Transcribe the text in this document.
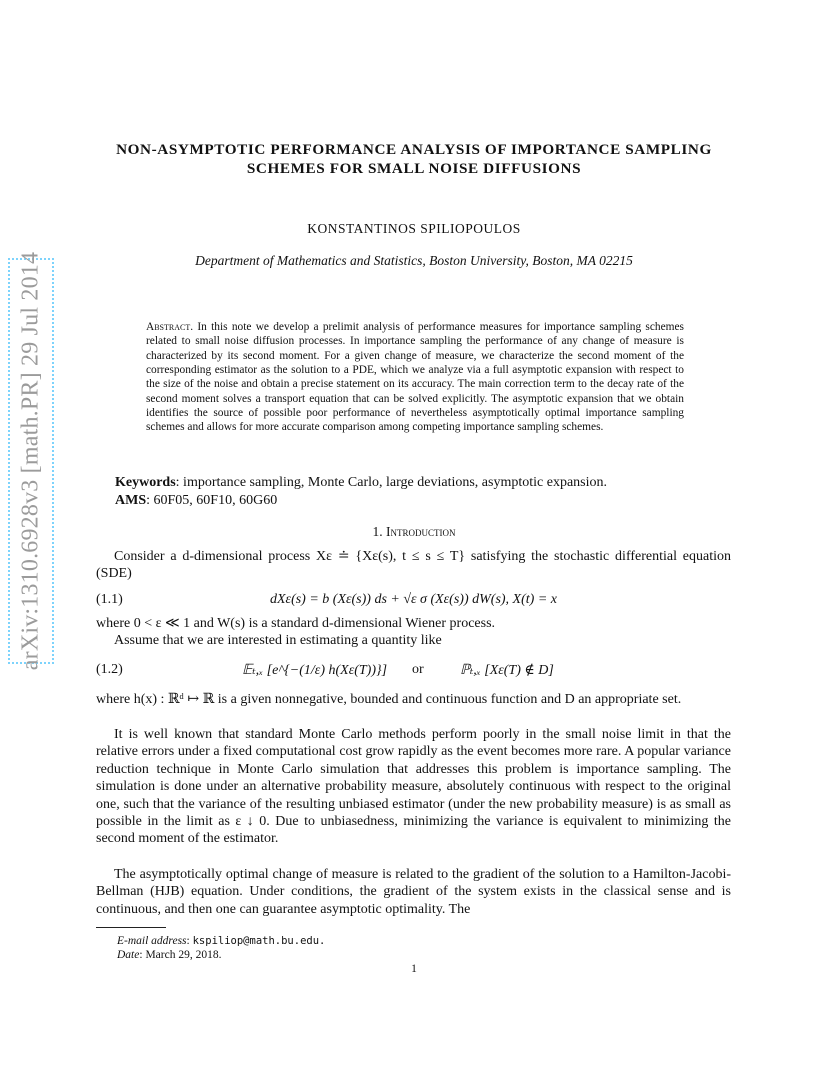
arXiv:1310.6928v3 [math.PR] 29 Jul 2014
NON-ASYMPTOTIC PERFORMANCE ANALYSIS OF IMPORTANCE SAMPLING SCHEMES FOR SMALL NOISE DIFFUSIONS
KONSTANTINOS SPILIOPOULOS
Department of Mathematics and Statistics, Boston University, Boston, MA 02215
Abstract. In this note we develop a prelimit analysis of performance measures for importance sampling schemes related to small noise diffusion processes. In importance sampling the performance of any change of measure is characterized by its second moment. For a given change of measure, we characterize the second moment of the corresponding estimator as the solution to a PDE, which we analyze via a full asymptotic expansion with respect to the size of the noise and obtain a precise statement on its accuracy. The main correction term to the decay rate of the second moment solves a transport equation that can be solved explicitly. The asymptotic expansion that we obtain identifies the source of possible poor performance of nevertheless asymptotically optimal importance sampling schemes and allows for more accurate comparison among competing importance sampling schemes.
Keywords: importance sampling, Monte Carlo, large deviations, asymptotic expansion.
AMS: 60F05, 60F10, 60G60
1. Introduction
Consider a d-dimensional process Xε ≐ {Xε(s), t ≤ s ≤ T} satisfying the stochastic differential equation (SDE)
(1.1)	dXε(s) = b (Xε(s)) ds + √ε σ (Xε(s)) dW(s), X(t) = x
where 0 < ε ≪ 1 and W(s) is a standard d-dimensional Wiener process.
Assume that we are interested in estimating a quantity like
(1.2)	𝔼ₜ,ₓ [e^{−(1/ε) h(Xε(T))}] or	ℙₜ,ₓ [Xε(T) ∉ D]
where h(x) : ℝᵈ ↦ ℝ is a given nonnegative, bounded and continuous function and D an appropriate set.
It is well known that standard Monte Carlo methods perform poorly in the small noise limit in that the relative errors under a fixed computational cost grow rapidly as the event becomes more rare. A popular variance reduction technique in Monte Carlo simulation that addresses this problem is importance sampling. The simulation is done under an alternative probability measure, absolutely continuous with respect to the original one, such that the variance of the resulting unbiased estimator (under the new probability measure) is as small as possible in the limit as ε ↓ 0. Due to unbiasedness, minimizing the variance is equivalent to minimizing the second moment of the estimator.
The asymptotically optimal change of measure is related to the gradient of the solution to a Hamilton-Jacobi-Bellman (HJB) equation. Under conditions, the gradient of the system exists in the classical sense and is continuous, and then one can guarantee asymptotic optimality. The
E-mail address: kspiliop@math.bu.edu.
Date: March 29, 2018.
1
